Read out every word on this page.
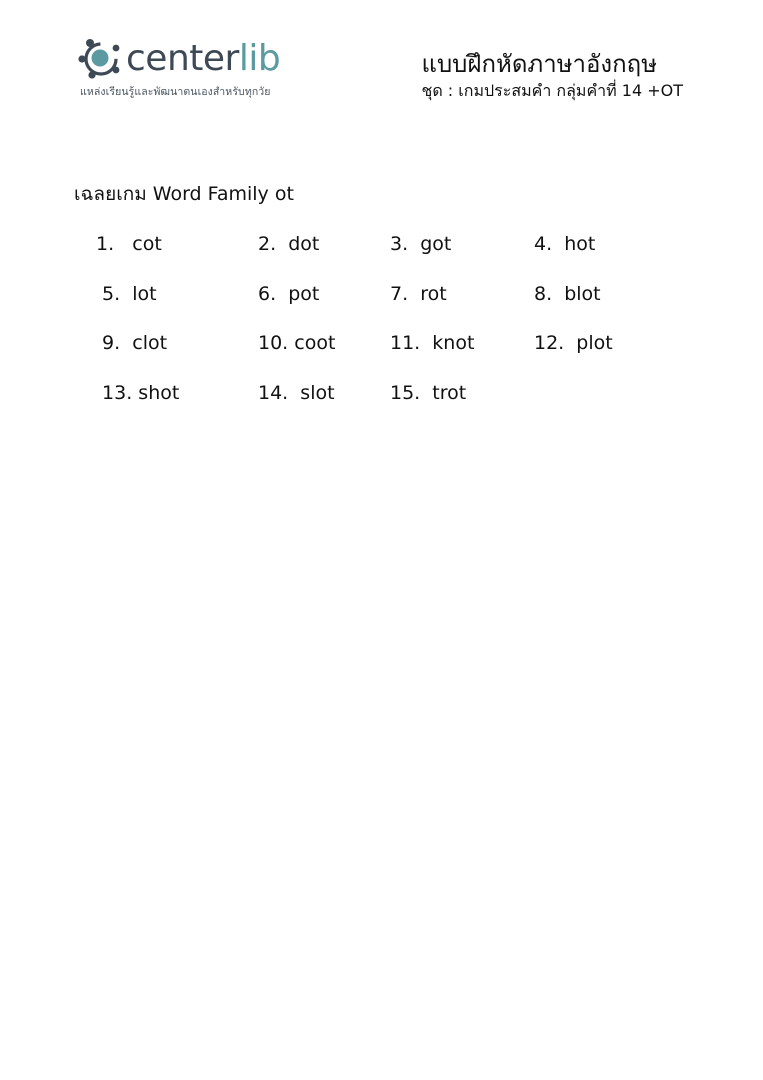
centerlib
แหล่งเรียนรู้และพัฒนาตนเองสำหรับทุกวัย
แบบฝึกหัดภาษาอังกฤษ
ชุด : เกมประสมคำ กลุ่มคำที่ 14 +OT
เฉลยเกม Word Family ot
1.   cot	2.  dot	3.  got	4.  hot
5.  lot	6.  pot	7.  rot	8.  blot
9.  clot	10. coot	11.  knot	12.  plot
13. shot	14.  slot	15.  trot
